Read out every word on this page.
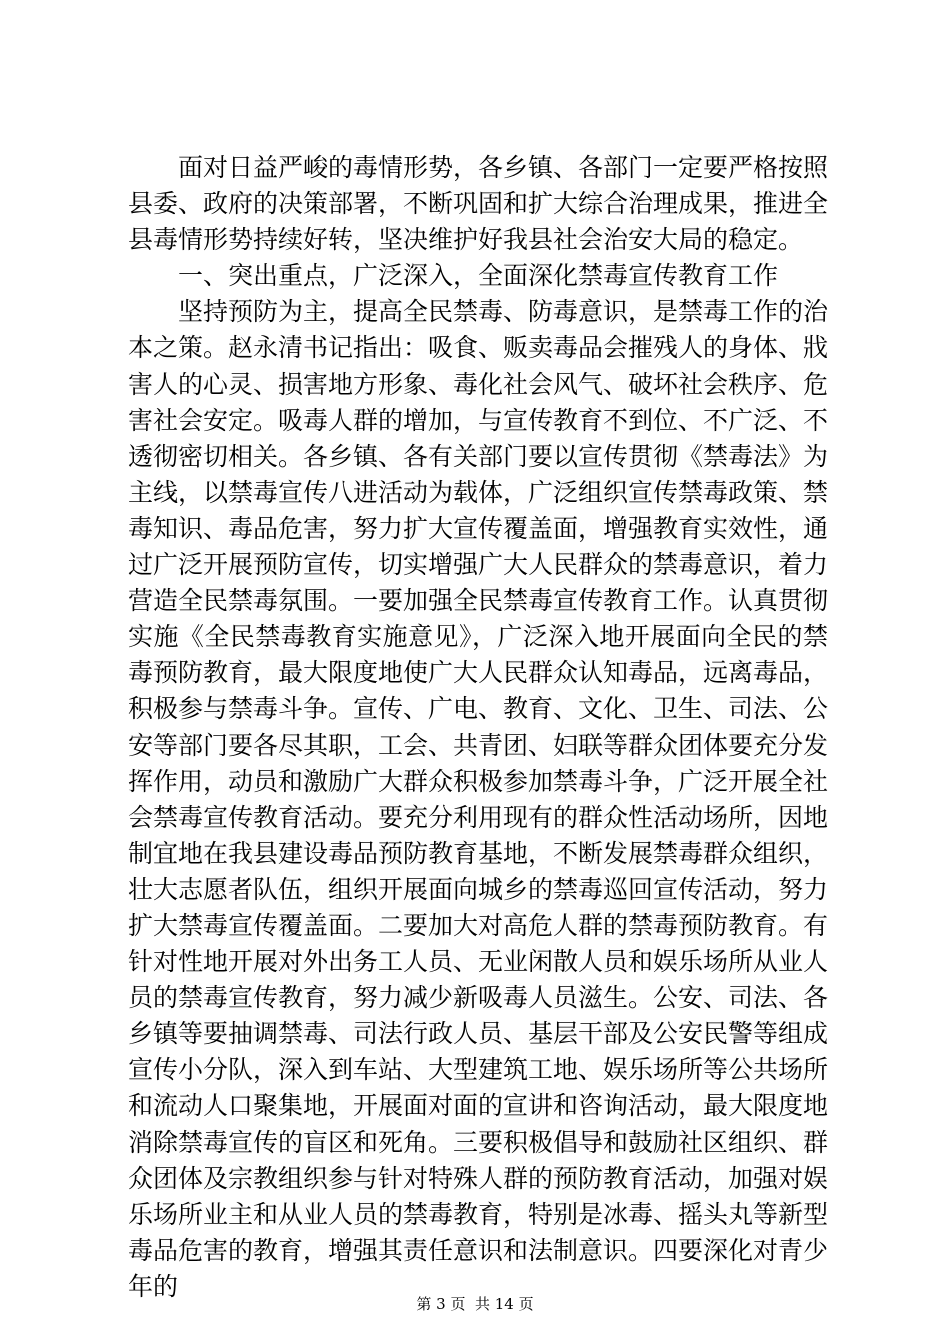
面对日益严峻的毒情形势，各乡镇、各部门一定要严格按照县委、政府的决策部署，不断巩固和扩大综合治理成果，推进全县毒情形势持续好转，坚决维护好我县社会治安大局的稳定。

一、突出重点，广泛深入，全面深化禁毒宣传教育工作

坚持预防为主，提高全民禁毒、防毒意识，是禁毒工作的治本之策。赵永清书记指出：吸食、贩卖毒品会摧残人的身体、戕害人的心灵、损害地方形象、毒化社会风气、破坏社会秩序、危害社会安定。吸毒人群的增加，与宣传教育不到位、不广泛、不透彻密切相关。各乡镇、各有关部门要以宣传贯彻《禁毒法》为主线，以禁毒宣传八进活动为载体，广泛组织宣传禁毒政策、禁毒知识、毒品危害，努力扩大宣传覆盖面，增强教育实效性，通过广泛开展预防宣传，切实增强广大人民群众的禁毒意识，着力营造全民禁毒氛围。一要加强全民禁毒宣传教育工作。认真贯彻实施《全民禁毒教育实施意见》，广泛深入地开展面向全民的禁毒预防教育，最大限度地使广大人民群众认知毒品，远离毒品，积极参与禁毒斗争。宣传、广电、教育、文化、卫生、司法、公安等部门要各尽其职，工会、共青团、妇联等群众团体要充分发挥作用，动员和激励广大群众积极参加禁毒斗争，广泛开展全社会禁毒宣传教育活动。要充分利用现有的群众性活动场所，因地制宜地在我县建设毒品预防教育基地，不断发展禁毒群众组织，壮大志愿者队伍，组织开展面向城乡的禁毒巡回宣传活动，努力扩大禁毒宣传覆盖面。二要加大对高危人群的禁毒预防教育。有针对性地开展对外出务工人员、无业闲散人员和娱乐场所从业人员的禁毒宣传教育，努力减少新吸毒人员滋生。公安、司法、各乡镇等要抽调禁毒、司法行政人员、基层干部及公安民警等组成宣传小分队，深入到车站、大型建筑工地、娱乐场所等公共场所和流动人口聚集地，开展面对面的宣讲和咨询活动，最大限度地消除禁毒宣传的盲区和死角。三要积极倡导和鼓励社区组织、群众团体及宗教组织参与针对特殊人群的预防教育活动，加强对娱乐场所业主和从业人员的禁毒教育，特别是冰毒、摇头丸等新型毒品危害的教育，增强其责任意识和法制意识。四要深化对青少年的

第 3 页  共 14 页
